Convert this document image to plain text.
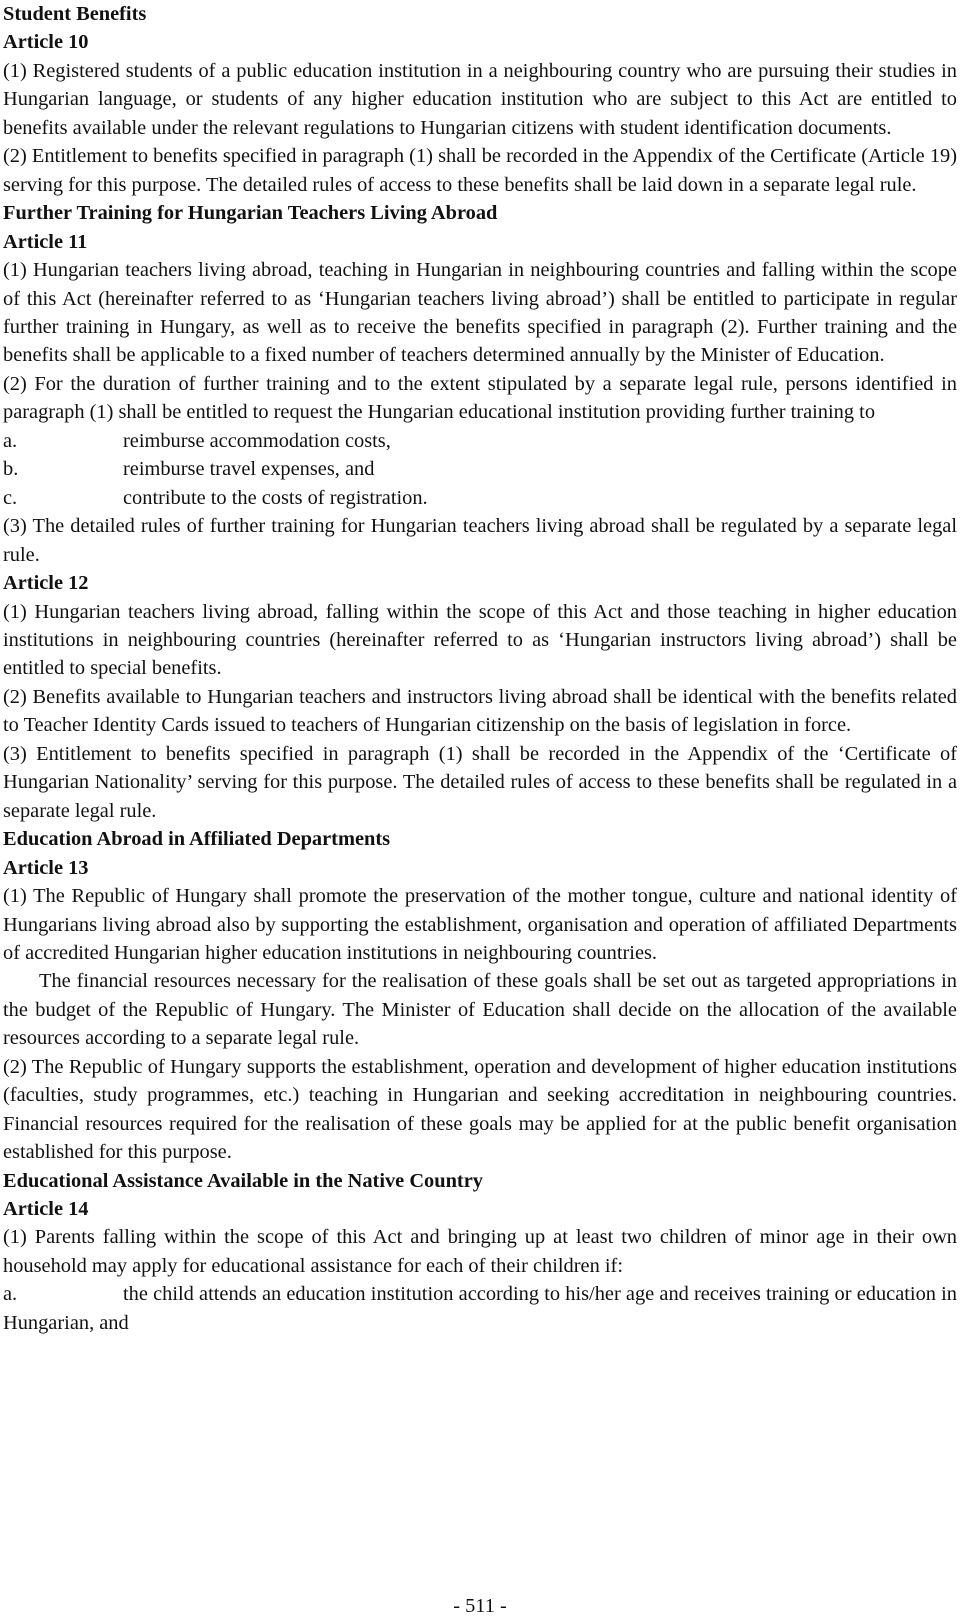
Student Benefits

Article 10

(1) Registered students of a public education institution in a neighbouring country who are pursuing their studies in Hungarian language, or students of any higher education institution who are subject to this Act are entitled to benefits available under the relevant regulations to Hungarian citizens with student identification documents.

(2) Entitlement to benefits specified in paragraph (1) shall be recorded in the Appendix of the Certificate (Article 19) serving for this purpose. The detailed rules of access to these benefits shall be laid down in a separate legal rule.

Further Training for Hungarian Teachers Living Abroad

Article 11

(1) Hungarian teachers living abroad, teaching in Hungarian in neighbouring countries and falling within the scope of this Act (hereinafter referred to as ‘Hungarian teachers living abroad’) shall be entitled to participate in regular further training in Hungary, as well as to receive the benefits specified in paragraph (2). Further training and the benefits shall be applicable to a fixed number of teachers determined annually by the Minister of Education.

(2) For the duration of further training and to the extent stipulated by a separate legal rule, persons identified in paragraph (1) shall be entitled to request the Hungarian educational institution providing further training to

a.	reimburse accommodation costs,
b.	reimburse travel expenses, and
c.	contribute to the costs of registration.

(3) The detailed rules of further training for Hungarian teachers living abroad shall be regulated by a separate legal rule.

Article 12

(1) Hungarian teachers living abroad, falling within the scope of this Act and those teaching in higher education institutions in neighbouring countries (hereinafter referred to as ‘Hungarian instructors living abroad’) shall be entitled to special benefits.

(2) Benefits available to Hungarian teachers and instructors living abroad shall be identical with the benefits related to Teacher Identity Cards issued to teachers of Hungarian citizenship on the basis of legislation in force.

(3) Entitlement to benefits specified in paragraph (1) shall be recorded in the Appendix of the ‘Certificate of Hungarian Nationality’ serving for this purpose. The detailed rules of access to these benefits shall be regulated in a separate legal rule.

Education Abroad in Affiliated Departments

Article 13

(1) The Republic of Hungary shall promote the preservation of the mother tongue, culture and national identity of Hungarians living abroad also by supporting the establishment, organisation and operation of affiliated Departments of accredited Hungarian higher education institutions in neighbouring countries.

The financial resources necessary for the realisation of these goals shall be set out as targeted appropriations in the budget of the Republic of Hungary. The Minister of Education shall decide on the allocation of the available resources according to a separate legal rule.

(2) The Republic of Hungary supports the establishment, operation and development of higher education institutions (faculties, study programmes, etc.) teaching in Hungarian and seeking accreditation in neighbouring countries. Financial resources required for the realisation of these goals may be applied for at the public benefit organisation established for this purpose.

Educational Assistance Available in the Native Country

Article 14

(1) Parents falling within the scope of this Act and bringing up at least two children of minor age in their own household may apply for educational assistance for each of their children if:

a.	the child attends an education institution according to his/her age and receives training or education in Hungarian, and
- 511 -
